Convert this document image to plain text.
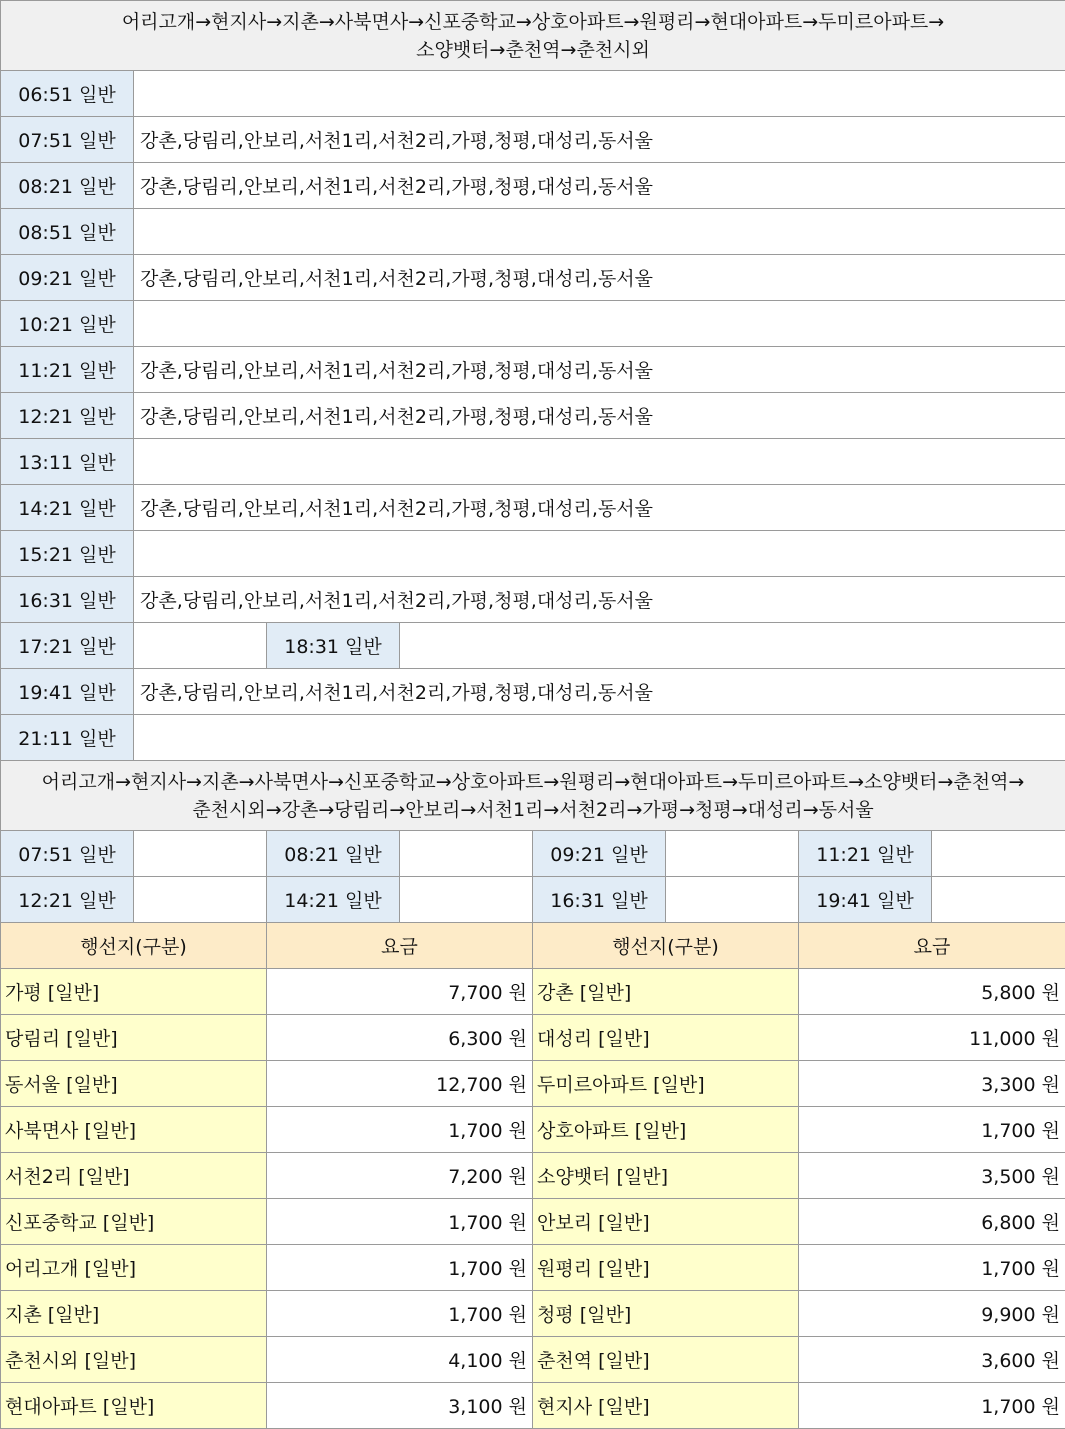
어리고개→현지사→지촌→사북면사→신포중학교→상호아파트→원평리→현대아파트→두미르아파트→
소양뱃터→춘천역→춘천시외							

06:51 일반							
07:51 일반	강촌,당림리,안보리,서천1리,서천2리,가평,청평,대성리,동서울						
08:21 일반	강촌,당림리,안보리,서천1리,서천2리,가평,청평,대성리,동서울						
08:51 일반							
09:21 일반	강촌,당림리,안보리,서천1리,서천2리,가평,청평,대성리,동서울						
10:21 일반							
11:21 일반	강촌,당림리,안보리,서천1리,서천2리,가평,청평,대성리,동서울						
12:21 일반	강촌,당림리,안보리,서천1리,서천2리,가평,청평,대성리,동서울						
13:11 일반							
14:21 일반	강촌,당림리,안보리,서천1리,서천2리,가평,청평,대성리,동서울						
15:21 일반							
16:31 일반	강촌,당림리,안보리,서천1리,서천2리,가평,청평,대성리,동서울						
17:21 일반		18:31 일반					
19:41 일반	강촌,당림리,안보리,서천1리,서천2리,가평,청평,대성리,동서울						
21:11 일반							

어리고개→현지사→지촌→사북면사→신포중학교→상호아파트→원평리→현대아파트→두미르아파트→소양뱃터→춘천역→
춘천시외→강촌→당림리→안보리→서천1리→서천2리→가평→청평→대성리→동서울							

07:51 일반		08:21 일반		09:21 일반		11:21 일반	
12:21 일반		14:21 일반		16:31 일반		19:41 일반	
행선지(구분)		요금		행선지(구분)		요금	
가평 [일반]		7,700 원		강촌 [일반]		5,800 원	
당림리 [일반]		6,300 원		대성리 [일반]		11,000 원	
동서울 [일반]		12,700 원		두미르아파트 [일반]		3,300 원	
사북면사 [일반]		1,700 원		상호아파트 [일반]		1,700 원	
서천2리 [일반]		7,200 원		소양뱃터 [일반]		3,500 원	
신포중학교 [일반]		1,700 원		안보리 [일반]		6,800 원	
어리고개 [일반]		1,700 원		원평리 [일반]		1,700 원	
지촌 [일반]		1,700 원		청평 [일반]		9,900 원	
춘천시외 [일반]		4,100 원		춘천역 [일반]		3,600 원	
현대아파트 [일반]		3,100 원		현지사 [일반]		1,700 원	
